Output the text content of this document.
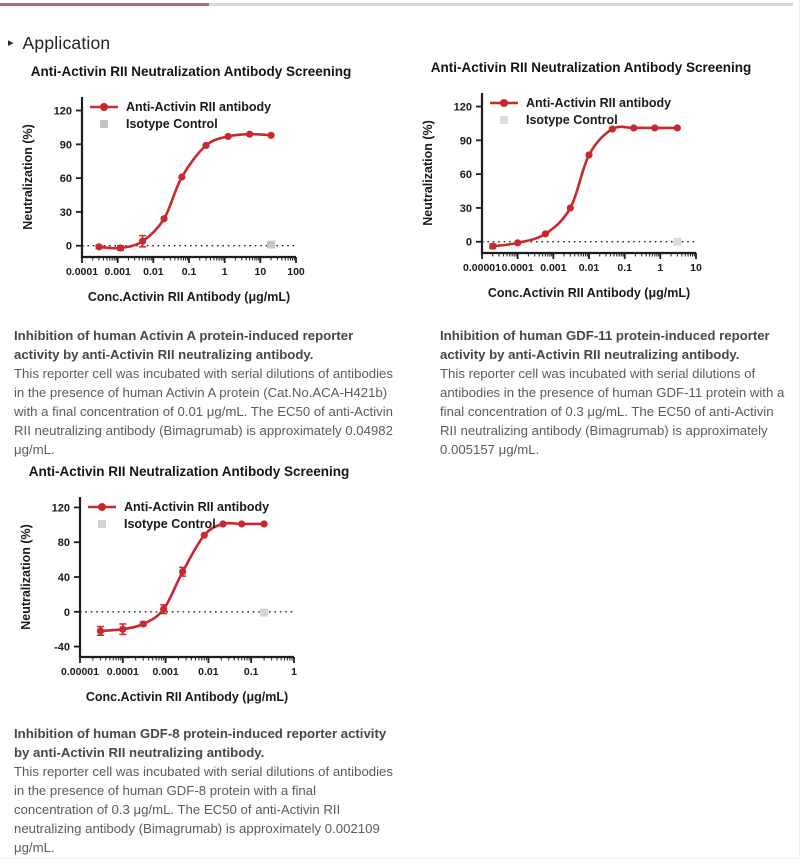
▸ Application
Anti-Activin RII Neutralization Antibody Screening
0
30
60
90
120
0.0001 0.001 0.01 0.1 1	10 100
Anti-Activin RII antibody
Isotype Control
Conc.Activin RII Antibody (μg/mL)
Neutralization (%)
Anti-Activin RII Neutralization Antibody Screening
0
30
60
90
120
0.00001 0.0001 0.001 0.01 0.1 1	10
Anti-Activin RII antibody
Isotype Control
Conc.Activin RII Antibody (μg/mL)
Neutralization (%)
Anti-Activin RII Neutralization Antibody Screening
-40
0
40
80
120
0.00001 0.0001 0.001 0.01 0.1	1
Anti-Activin RII antibody
Isotype Control
Conc.Activin RII Antibody (μg/mL)
Neutralization (%)
Inhibition of human Activin A protein-induced reporter activity by anti-Activin RII neutralizing antibody.
This reporter cell was incubated with serial dilutions of antibodies in the presence of human Activin A protein (Cat.No.ACA-H421b) with a final concentration of 0.01 μg/mL. The EC50 of anti-Activin RII neutralizing antibody (Bimagrumab) is approximately 0.04982 μg/mL.
Inhibition of human GDF-11 protein-induced reporter activity by anti-Activin RII neutralizing antibody.
This reporter cell was incubated with serial dilutions of antibodies in the presence of human GDF-11 protein with a final concentration of 0.3 μg/mL. The EC50 of anti-Activin RII neutralizing antibody (Bimagrumab) is approximately 0.005157 μg/mL.
Inhibition of human GDF-8 protein-induced reporter activity by anti-Activin RII neutralizing antibody.
This reporter cell was incubated with serial dilutions of antibodies in the presence of human GDF-8 protein with a final concentration of 0.3 μg/mL. The EC50 of anti-Activin RII neutralizing antibody (Bimagrumab) is approximately 0.002109 μg/mL.
